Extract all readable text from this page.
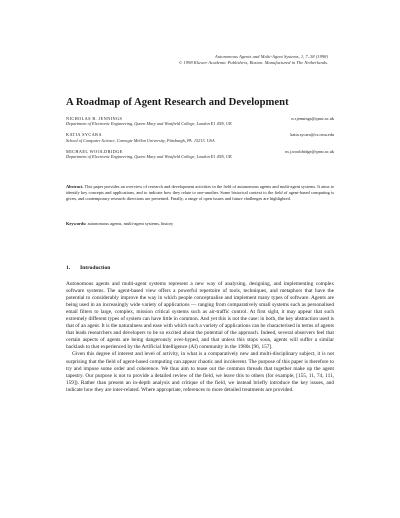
Autonomous Agents and Multi-Agent Systems, 1, 7–38 (1998)
© 1998 Kluwer Academic Publishers, Boston. Manufactured in The Netherlands.
A Roadmap of Agent Research and Development
NICHOLAS R. JENNINGS	n.r.jennings@qmw.ac.uk
Department of Electronic Engineering, Queen Mary and Westfield College, London E1 4NS, UK
KATIA SYCARA	katia.sycara@cs.cmu.edu
School of Computer Science, Carnegie Mellon University, Pittsburgh, PA. 15213. USA
MICHAEL WOOLDRIDGE	m.j.wooldridge@qmw.ac.uk
Department of Electronic Engineering, Queen Mary and Westfield College, London E1 4NS, UK
Abstract. This paper provides an overview of research and development activities in the field of autonomous agents and multi-agent systems. It aims to identify key concepts and applications, and to indicate how they relate to one-another. Some historical context to the field of agent-based computing is given, and contemporary research directions are presented. Finally, a range of open issues and future challenges are highlighted.
Keywords: autonomous agents, multi-agent systems, history
1. Introduction

Autonomous agents and multi-agent systems represent a new way of analysing, designing, and implementing complex software systems. The agent-based view offers a powerful repertoire of tools, techniques, and metaphors that have the potential to considerably improve the way in which people conceptualise and implement many types of software. Agents are being used in an increasingly wide variety of applications — ranging from comparatively small systems such as personalised email filters to large, complex, mission critical systems such as air-traffic control. At first sight, it may appear that such extremely different types of system can have little in common. And yet this is not the case: in both, the key abstraction used is that of an agent. It is the naturalness and ease with which such a variety of applications can be characterised in terms of agents that leads researchers and developers to be so excited about the potential of the approach. Indeed, several observers feel that certain aspects of agents are being dangerously over-hyped, and that unless this stops soon, agents will suffer a similar backlash to that experienced by the Artificial Intelligence (AI) community in the 1980s [96, 157].

Given this degree of interest and level of activity, in what is a comparatively new and multi-disciplinary subject, it is not surprising that the field of agent-based computing can appear chaotic and incoherent. The purpose of this paper is therefore to try and impose some order and coherence. We thus aim to tease out the common threads that together make up the agent tapestry. Our purpose is not to provide a detailed review of the field, we leave this to others (for example, [155, 11, 74, 111, 159]). Rather than present an in-depth analysis and critique of the field, we instead briefly introduce the key issues, and indicate how they are inter-related. Where appropriate, references to more detailed treatments are provided.
